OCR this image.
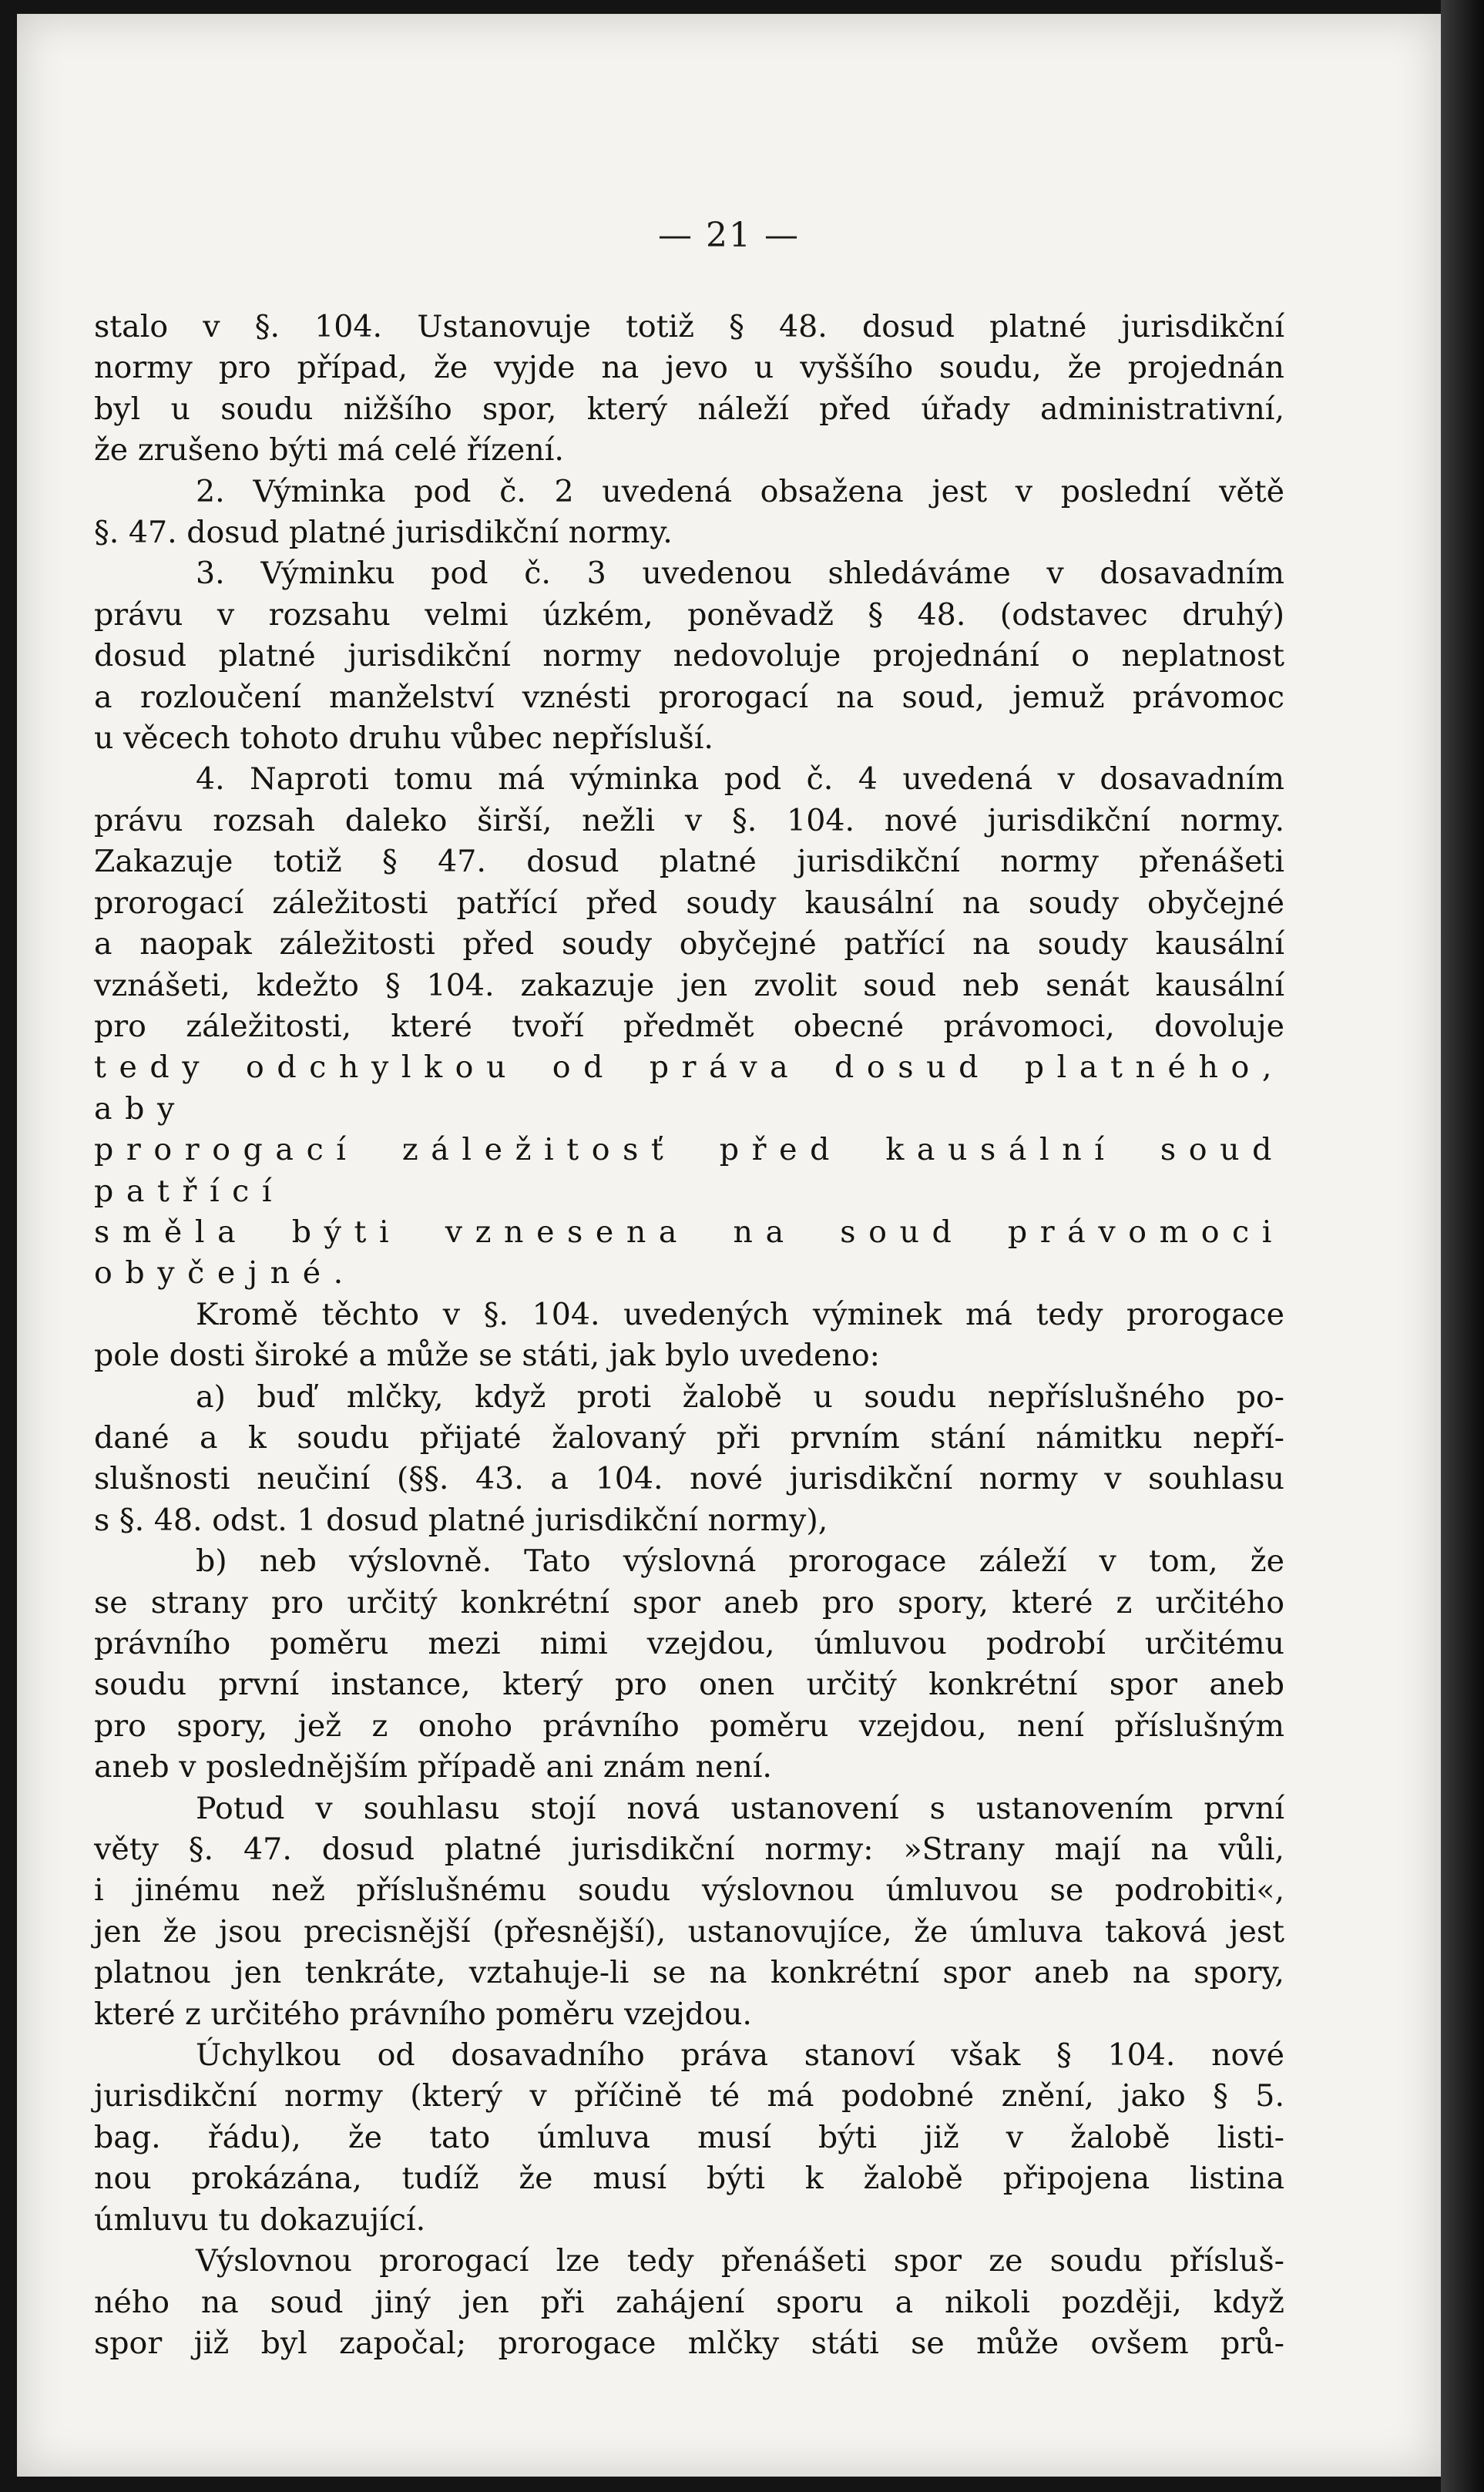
— 21 —

stalo v §. 104. Ustanovuje totiž § 48. dosud platné jurisdikční

normy pro případ, že vyjde na jevo u vyššího soudu, že projednán

byl u soudu nižšího spor, který náleží před úřady administrativní,

že zrušeno býti má celé řízení.

2. Výminka pod č. 2 uvedená obsažena jest v poslední větě

§. 47. dosud platné jurisdikční normy.

3. Výminku pod č. 3 uvedenou shledáváme v dosavadním

právu v rozsahu velmi úzkém, poněvadž § 48. (odstavec druhý)

dosud platné jurisdikční normy nedovoluje projednání o neplatnost

a rozloučení manželství vznésti prorogací na soud, jemuž právomoc

u věcech tohoto druhu vůbec nepřísluší.

4. Naproti tomu má výminka pod č. 4 uvedená v dosavadním

právu rozsah daleko širší, nežli v §. 104. nové jurisdikční normy.

Zakazuje totiž § 47. dosud platné jurisdikční normy přenášeti

prorogací záležitosti patřící před soudy kausální na soudy obyčejné

a naopak záležitosti před soudy obyčejné patřící na soudy kausální

vznášeti, kdežto § 104. zakazuje jen zvolit soud neb senát kausální

pro záležitosti, které tvoří předmět obecné právomoci, dovoluje

tedy odchylkou od práva dosud platného, aby

prorogací záležitosť před kausální soud patřící

směla býti vznesena na soud právomoci obyčejné.

Kromě těchto v §. 104. uvedených výminek má tedy prorogace

pole dosti široké a může se státi, jak bylo uvedeno:

a) buď mlčky, když proti žalobě u soudu nepříslušného po-

dané a k soudu přijaté žalovaný při prvním stání námitku nepří-

slušnosti neučiní (§§. 43. a 104. nové jurisdikční normy v souhlasu

s §. 48. odst. 1 dosud platné jurisdikční normy),

b) neb výslovně. Tato výslovná prorogace záleží v tom, že

se strany pro určitý konkrétní spor aneb pro spory, které z určitého

právního poměru mezi nimi vzejdou, úmluvou podrobí určitému

soudu první instance, který pro onen určitý konkrétní spor aneb

pro spory, jež z onoho právního poměru vzejdou, není příslušným

aneb v poslednějším případě ani znám není.

Potud v souhlasu stojí nová ustanovení s ustanovením první

věty §. 47. dosud platné jurisdikční normy: »Strany mají na vůli,

i jinému než příslušnému soudu výslovnou úmluvou se podrobiti«,

jen že jsou precisnější (přesnější), ustanovujíce, že úmluva taková jest

platnou jen tenkráte, vztahuje-li se na konkrétní spor aneb na spory,

které z určitého právního poměru vzejdou.

Úchylkou od dosavadního práva stanoví však § 104. nové

jurisdikční normy (který v příčině té má podobné znění, jako § 5.

bag. řádu), že tato úmluva musí býti již v žalobě listi-

nou prokázána, tudíž že musí býti k žalobě připojena listina

úmluvu tu dokazující.

Výslovnou prorogací lze tedy přenášeti spor ze soudu přísluš-

ného na soud jiný jen při zahájení sporu a nikoli později, když

spor již byl započal; prorogace mlčky státi se může ovšem prů-
